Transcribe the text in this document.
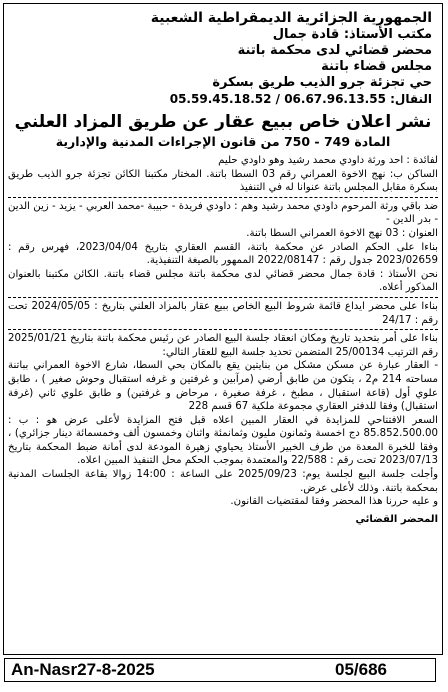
الجمهورية الجزائرية الديمقراطية الشعبية
مكتب الأستاذ: قادة جمال
محضر قضائي لدى محكمة باتنة
مجلس قضاء باتنة
حي تجزئة جرو الذيب طريق بسكرة
05.59.45.18.52 / 06.67.96.13.55 النقال:
نشر اعلان خاص ببيع عقار عن طريق المزاد العلني
المادة 749 - 750 من قانون الإجراءات المدنية والإدارية

لفائدة : احد ورثة داودي محمد رشيد وهو داودي حليم

الساكن ب: نهج الاخوة العمراني رقم 03 السطا باتنة. المختار مكتبنا الكائن تجزئة جرو الذيب طريق بسكرة مقابل المجلس باتنة عنوانا له في التنفيذ

ضد باقي ورثة المرحوم داودي محمد رشيد وهم : داودي فريدة - حبيبة -محمد العربي - يزيد - زين الدين - بدر الدين -

العنوان : 03 نهج الاخوة العمراني السطا باتنة.

بناءا على الحكم الصادر عن محكمة باتنة، القسم العقاري بتاريخ 2023/04/04، فهرس رقم : 2023/02659 جدول رقم : 2022/08147 الممهور بالصيغة التنفيذية.

نحن الأستاذ : قادة جمال محضر قضائي لدى محكمة باتنة مجلس قضاء باتنة. الكائن مكتبنا بالعنوان المذكور أعلاه.

بناءا على محضر ايداع قائمة شروط البيع الخاص ببيع عقار بالمزاد العلني بتاريخ : 2024/05/05 تحت رقم : 24/17

بناءا على أمر بتحديد تاريخ ومكان انعقاد جلسة البيع الصادر عن رئيس محكمة باتنة بتاريخ 2025/01/21 رقم الترتيب 25/00134 المتضمن تحديد جلسة البيع للعقار التالي:

- العقار عبارة عن مسكن مشكل من بنايتين يقع بالمكان بحي السطا، شارع الاخوة العمراني بباتنة مساحته 214 م2 ، يتكون من طابق أرضي (مرآبين و غرفتين و غرفه استقبال وحوش صغير ) ، طابق علوي أول (قاعة استقبال ، مطبخ ، غرفة صغيرة ، مرحاض و غرفتين) و طابق علوي ثاني (غرفة استقبال) وفقا للدفتر العقاري مجموعة ملكية 67 قسم 228

السعر الافتتاحي للمزايدة في العقار المبين اعلاه قبل فتح المزايدة لأعلى عرض هو : ب : 85.852.500.00 دج اخمسة وثمانون مليون وثمانمئة واثنان وخمسون ألف وخمسمائة دينار جزائري) ، وفقا للخبرة المعدة من طرف الخبير الأستاذ يحياوي زهيرة المودعة لدى أمانة ضبط المحكمة بتاريخ 2023/07/13 تحت رقم : 22/588 والمعتمدة بموجب الحكم محل التنفيذ المبين اعلاه.

وأجلت جلسة البيع لجلسة يوم: 2025/09/23 على الساعة : 14:00 زوالا بقاعة الجلسات المدنية بمحكمة باتنة. وذلك لأعلى عرض.

و عليه حررنا هذا المحضر وفقا لمقتضيات القانون.

المحضر القضائي
An-Nasr27-8-2025	05/686
